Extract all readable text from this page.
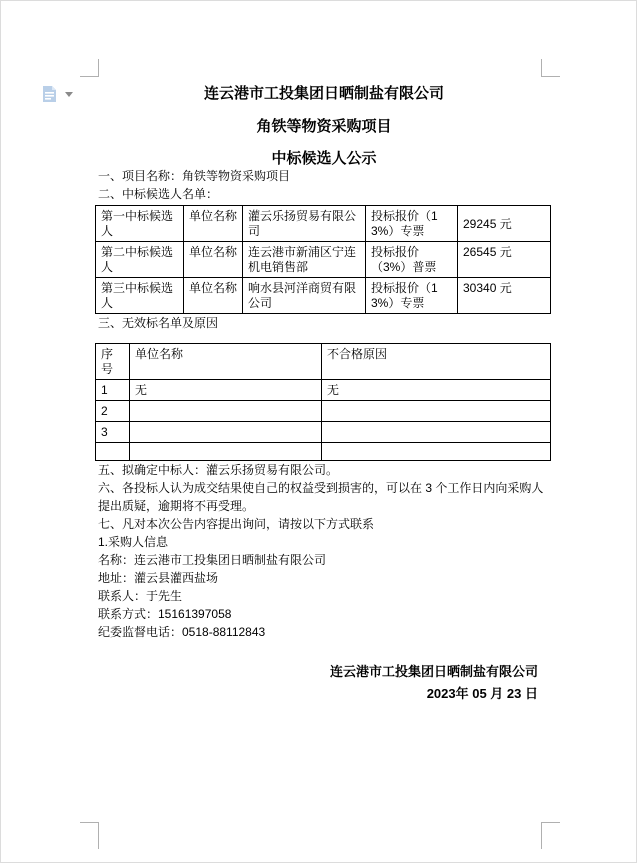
连云港市工投集团日晒制盐有限公司
角铁等物资采购项目
中标候选人公示

一、项目名称：角铁等物资采购项目

二、中标候选人名单：

第一中标候选人	单位名称	灌云乐扬贸易有限公司	投标报价（13%）专票	29245 元
第二中标候选人	单位名称	连云港市新浦区宁连机电销售部	投标报价（3%）普票	26545 元
第三中标候选人	单位名称	响水县河洋商贸有限公司	投标报价（13%）专票	30340 元

三、无效标名单及原因

序号	单位名称	不合格原因
1	无	无
2		
3		

五、拟确定中标人：灌云乐扬贸易有限公司。

六、各投标人认为成交结果使自己的权益受到损害的，可以在 3 个工作日内向采购人提出质疑，逾期将不再受理。

七、凡对本次公告内容提出询问，请按以下方式联系

1.采购人信息

名称：连云港市工投集团日晒制盐有限公司

地址：灌云县灌西盐场

联系人：于先生

联系方式：15161397058

纪委监督电话：0518-88112843

连云港市工投集团日晒制盐有限公司

2023年 05 月 23 日
